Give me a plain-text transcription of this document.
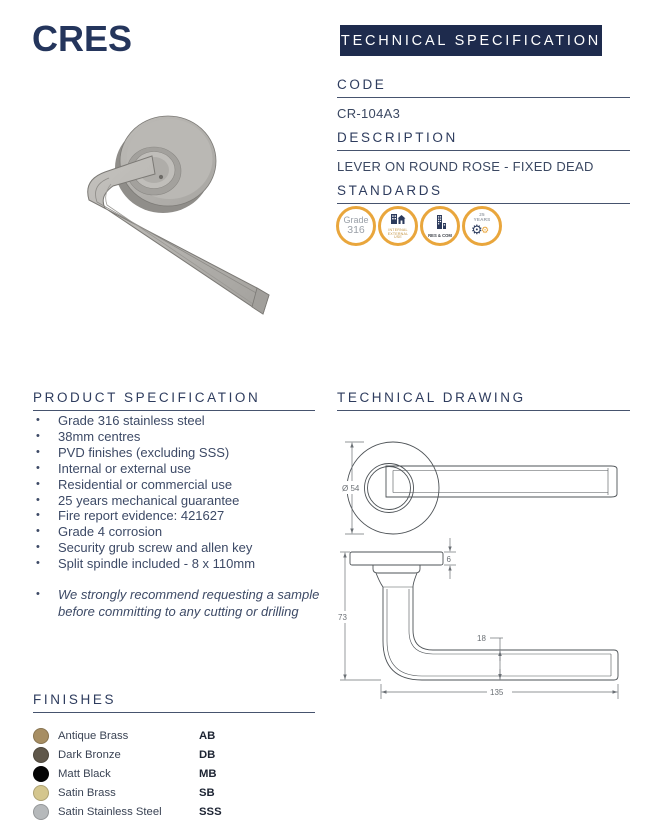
CRES	TECHNICAL SPECIFICATION
CODE
CR-104A3
DESCRIPTION
LEVER ON ROUND ROSE - FIXED DEAD
STANDARDS
Grade
316	INTERNAL
EXTERNAL
USE	RES & COM
25
YEARS
⚙
⚙
PRODUCT SPECIFICATION
• Grade 316 stainless steel
• 38mm centres
• PVD finishes (excluding SSS)
• Internal or external use
• Residential or commercial use
• 25 years mechanical guarantee
• Fire report evidence: 421627
• Grade 4 corrosion
• Security grub screw and allen key
• Split spindle included - 8 x 110mm
• We strongly recommend requesting a sample before committing to any cutting or drilling
TECHNICAL DRAWING
Ø 54
6
73
18
135
FINISHES
Antique Brass	AB
Dark Bronze	DB
Matt Black	MB
Satin Brass	SB
Satin Stainless Steel	SSS
